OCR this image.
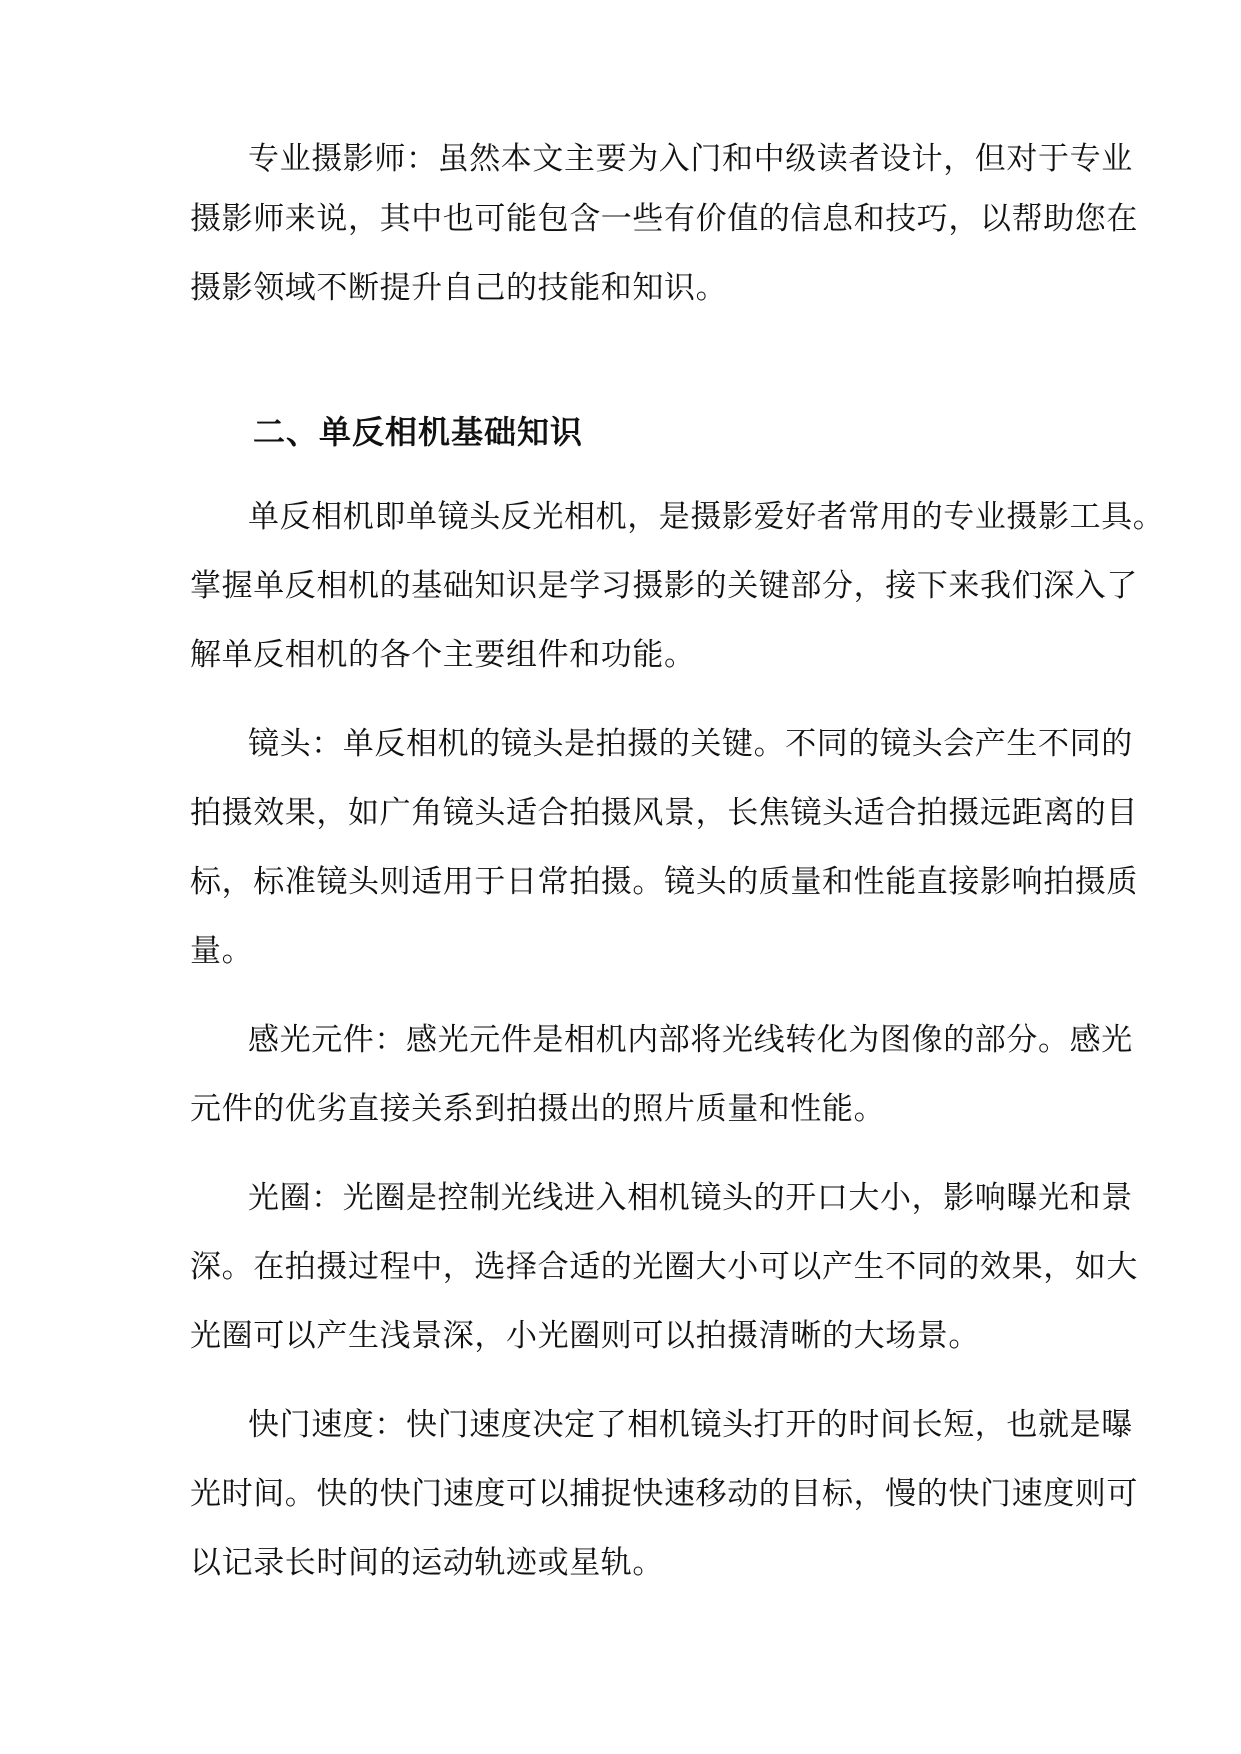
专业摄影师：虽然本文主要为入门和中级读者设计，但对于专业
摄影师来说，其中也可能包含一些有价值的信息和技巧，以帮助您在
摄影领域不断提升自己的技能和知识。
二、单反相机基础知识
单反相机即单镜头反光相机，是摄影爱好者常用的专业摄影工具。
掌握单反相机的基础知识是学习摄影的关键部分，接下来我们深入了
解单反相机的各个主要组件和功能。
镜头：单反相机的镜头是拍摄的关键。不同的镜头会产生不同的
拍摄效果，如广角镜头适合拍摄风景，长焦镜头适合拍摄远距离的目
标，标准镜头则适用于日常拍摄。镜头的质量和性能直接影响拍摄质
量。
感光元件：感光元件是相机内部将光线转化为图像的部分。感光
元件的优劣直接关系到拍摄出的照片质量和性能。
光圈：光圈是控制光线进入相机镜头的开口大小，影响曝光和景
深。在拍摄过程中，选择合适的光圈大小可以产生不同的效果，如大
光圈可以产生浅景深，小光圈则可以拍摄清晰的大场景。
快门速度：快门速度决定了相机镜头打开的时间长短，也就是曝
光时间。快的快门速度可以捕捉快速移动的目标，慢的快门速度则可
以记录长时间的运动轨迹或星轨。
